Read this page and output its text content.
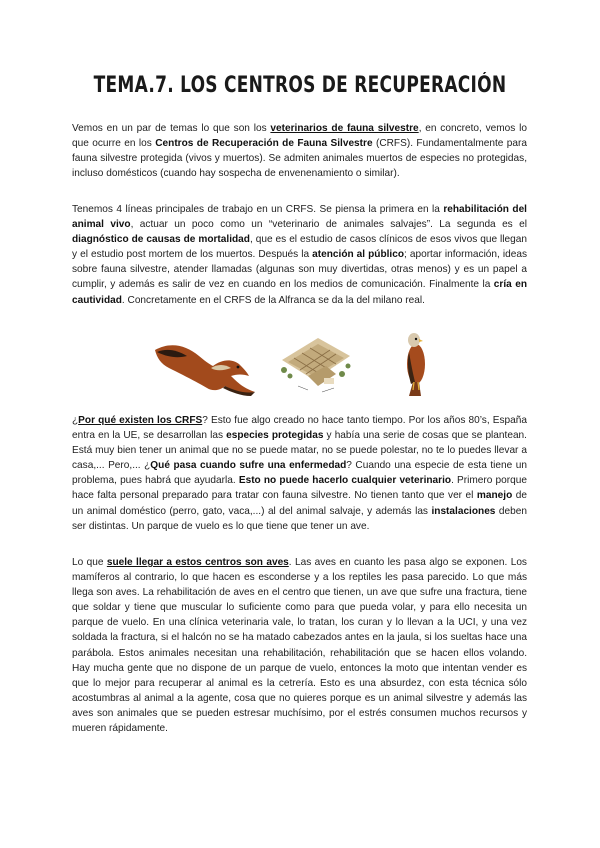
TEMA.7. LOS CENTROS DE RECUPERACIÓN

Vemos en un par de temas lo que son los veterinarios de fauna silvestre, en concreto, vemos lo que ocurre en los Centros de Recuperación de Fauna Silvestre (CRFS). Fundamentalmente para fauna silvestre protegida (vivos y muertos). Se admiten animales muertos de especies no protegidas, incluso domésticos (cuando hay sospecha de envenenamiento o similar).

Tenemos 4 líneas principales de trabajo en un CRFS. Se piensa la primera en la rehabilitación del animal vivo, actuar un poco como un “veterinario de animales salvajes”. La segunda es el diagnóstico de causas de mortalidad, que es el estudio de casos clínicos de esos vivos que llegan y el estudio post mortem de los muertos. Después la atención al público; aportar información, ideas sobre fauna silvestre, atender llamadas (algunas son muy divertidas, otras menos) y es un papel a cumplir, y además es salir de vez en cuando en los medios de comunicación. Finalmente la cría en cautividad. Concretamente en el CRFS de la Alfranca se da la del milano real.

¿Por qué existen los CRFS? Esto fue algo creado no hace tanto tiempo. Por los años 80’s, España entra en la UE, se desarrollan las especies protegidas y había una serie de cosas que se plantean. Está muy bien tener un animal que no se puede matar, no se puede polestar, no te lo puedes llevar a casa,... Pero,... ¿Qué pasa cuando sufre una enfermedad? Cuando una especie de esta tiene un problema, pues habrá que ayudarla. Esto no puede hacerlo cualquier veterinario. Primero porque hace falta personal preparado para tratar con fauna silvestre. No tienen tanto que ver el manejo de un animal doméstico (perro, gato, vaca,...) al del animal salvaje, y además las instalaciones deben ser distintas. Un parque de vuelo es lo que tiene que tener un ave.

Lo que suele llegar a estos centros son aves. Las aves en cuanto les pasa algo se exponen. Los mamíferos al contrario, lo que hacen es esconderse y a los reptiles les pasa parecido. Lo que más llega son aves. La rehabilitación de aves en el centro que tienen, un ave que sufre una fractura, tiene que soldar y tiene que muscular lo suficiente como para que pueda volar, y para ello necesita un parque de vuelo. En una clínica veterinaria vale, lo tratan, los curan y lo llevan a la UCI, y una vez soldada la fractura, si el halcón no se ha matado cabezados antes en la jaula, si los sueltas hace una parábola. Estos animales necesitan una rehabilitación, rehabilitación que se hacen ellos volando. Hay mucha gente que no dispone de un parque de vuelo, entonces la moto que intentan vender es que lo mejor para recuperar al animal es la cetrería. Esto es una absurdez, con esta técnica sólo acostumbras al animal a la agente, cosa que no quieres porque es un animal silvestre y además las aves son animales que se pueden estresar muchísimo, por el estrés consumen muchos recursos y mueren rápidamente.
